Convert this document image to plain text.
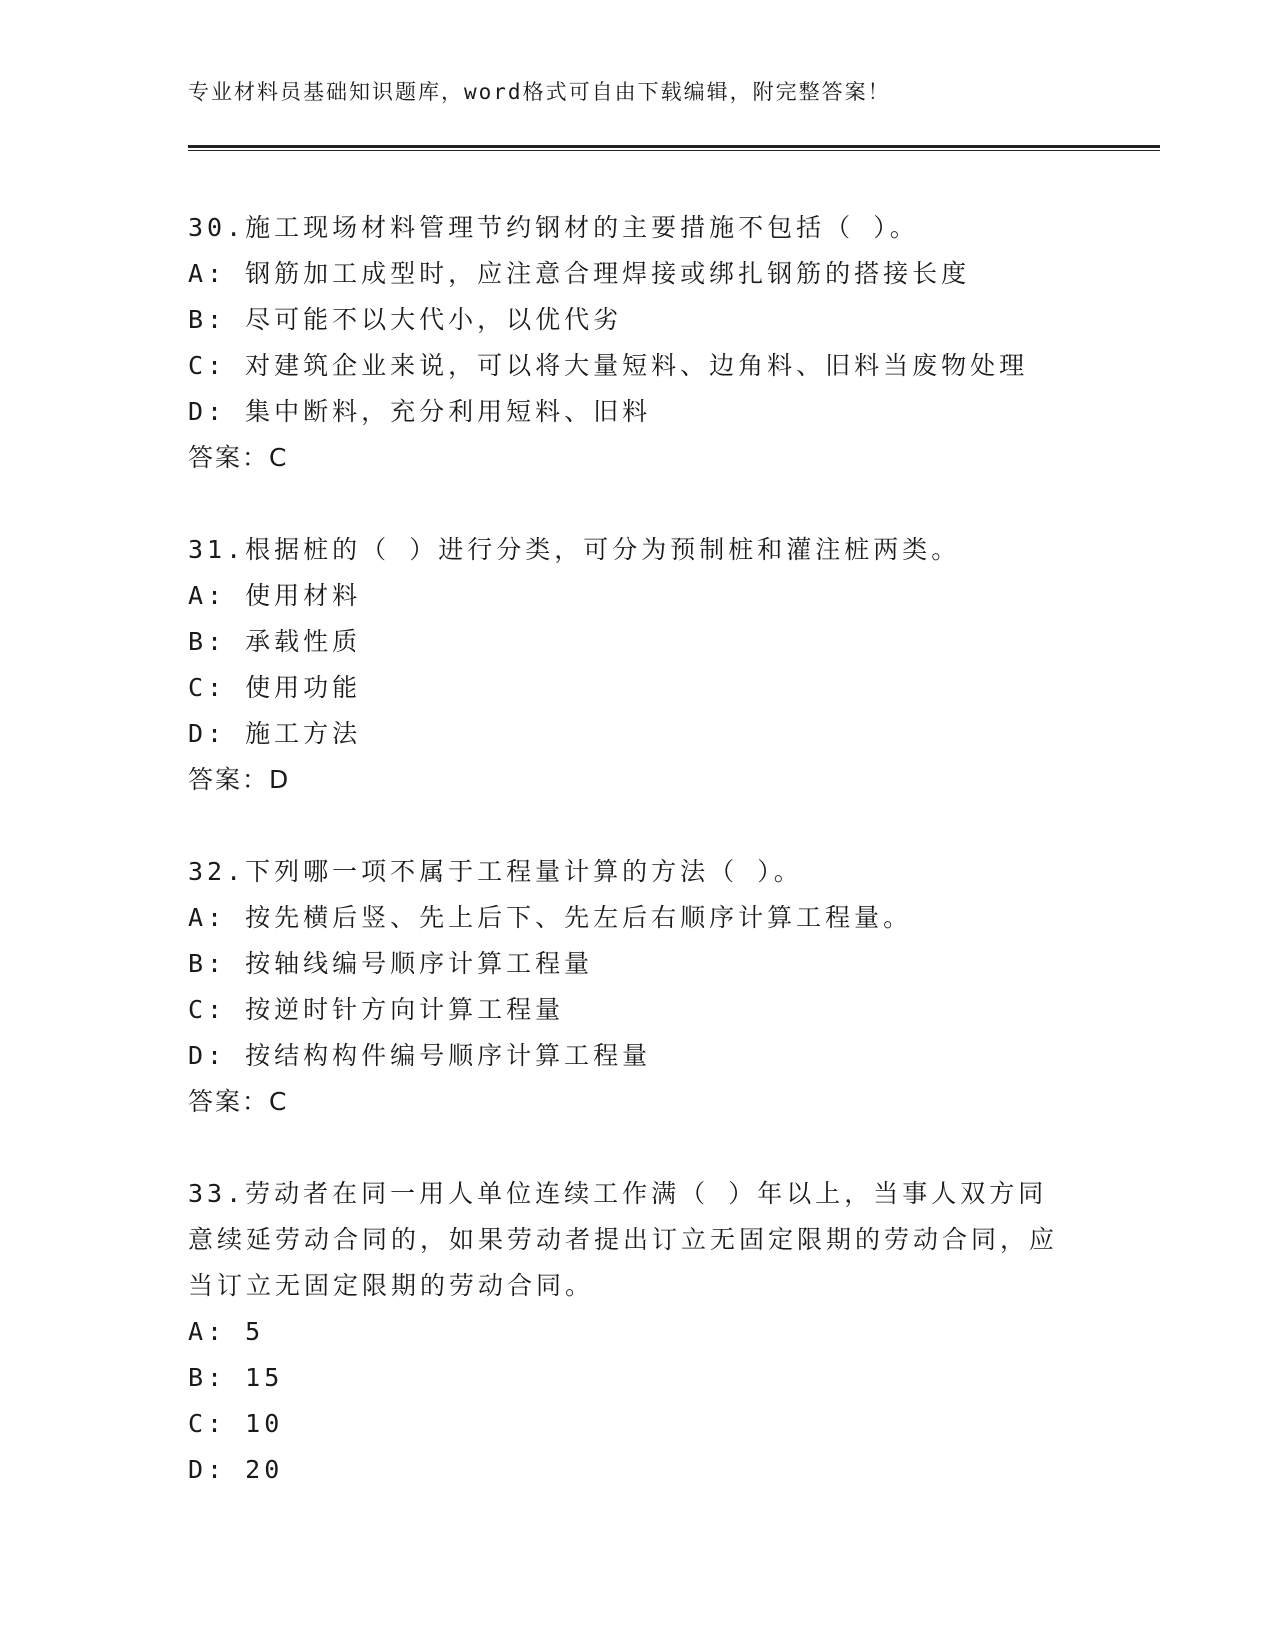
专业材料员基础知识题库，word格式可自由下载编辑，附完整答案！
30.施工现场材料管理节约钢材的主要措施不包括（ ）。
A: 钢筋加工成型时，应注意合理焊接或绑扎钢筋的搭接长度
B: 尽可能不以大代小，以优代劣
C: 对建筑企业来说，可以将大量短料、边角料、旧料当废物处理
D: 集中断料，充分利用短料、旧料
答案：C
31.根据桩的（ ）进行分类，可分为预制桩和灌注桩两类。
A: 使用材料
B: 承载性质
C: 使用功能
D: 施工方法
答案：D
32.下列哪一项不属于工程量计算的方法（ ）。
A: 按先横后竖、先上后下、先左后右顺序计算工程量。
B: 按轴线编号顺序计算工程量
C: 按逆时针方向计算工程量
D: 按结构构件编号顺序计算工程量
答案：C
33.劳动者在同一用人单位连续工作满（ ）年以上，当事人双方同意续延劳动合同的，如果劳动者提出订立无固定限期的劳动合同，应当订立无固定限期的劳动合同。
A: 5
B: 15
C: 10
D: 20
